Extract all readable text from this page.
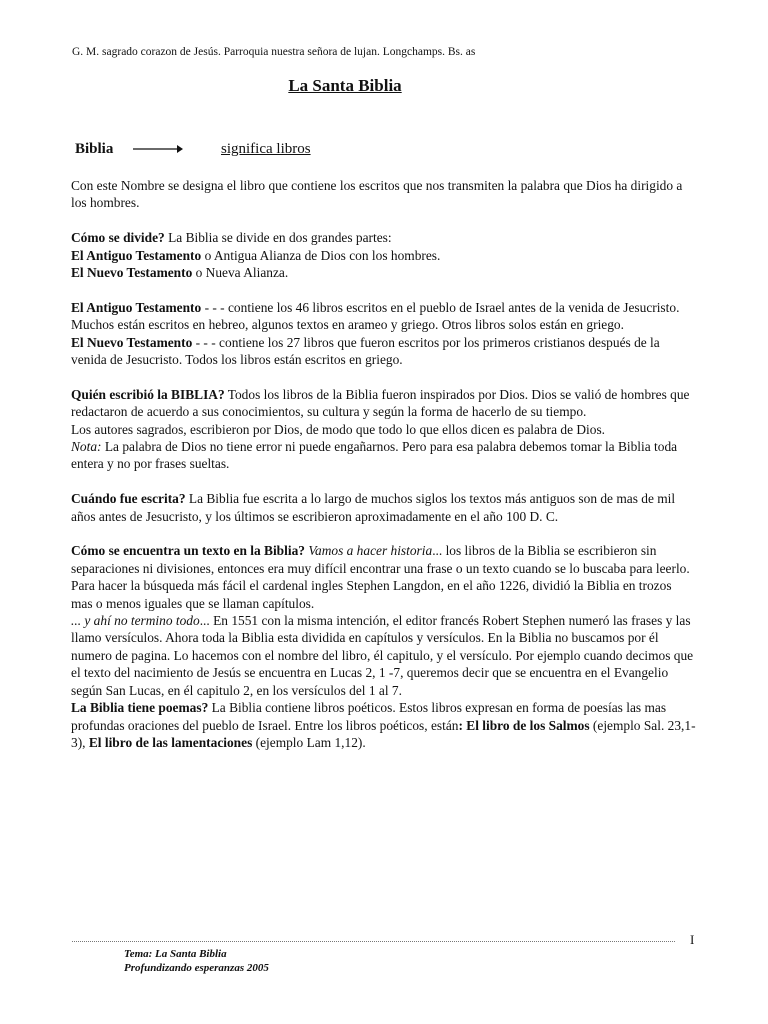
G. M. sagrado corazon de Jesús. Parroquia nuestra señora de lujan. Longchamps. Bs. as
La Santa Biblia
Biblia	significa libros

Con este Nombre se designa el libro que contiene los escritos que nos transmiten la palabra que Dios ha dirigido a los hombres.

Cómo se divide? La Biblia se divide en dos grandes partes:
El Antiguo Testamento o Antigua Alianza de Dios con los hombres.
El Nuevo Testamento o Nueva Alianza.

El Antiguo Testamento - - - contiene los 46 libros escritos en el pueblo de Israel antes de la venida de Jesucristo. Muchos están escritos en hebreo, algunos textos en arameo y griego. Otros libros solos están en griego.

El Nuevo Testamento - - - contiene los 27 libros que fueron escritos por los primeros cristianos después de la venida de Jesucristo. Todos los libros están escritos en griego.

Quién escribió la BIBLIA? Todos los libros de la Biblia fueron inspirados por Dios. Dios se valió de hombres que redactaron de acuerdo a sus conocimientos, su cultura y según la forma de hacerlo de su tiempo.

Los autores sagrados, escribieron por Dios, de modo que todo lo que ellos dicen es palabra de Dios.

Nota: La palabra de Dios no tiene error ni puede engañarnos. Pero para esa palabra debemos tomar la Biblia toda entera y no por frases sueltas.

Cuándo fue escrita? La Biblia fue escrita a lo largo de muchos siglos los textos más antiguos son de mas de mil años antes de Jesucristo, y los últimos se escribieron aproximadamente en el año 100 D. C.

Cómo se encuentra un texto en la Biblia? Vamos a hacer historia... los libros de la Biblia se escribieron sin separaciones ni divisiones, entonces era muy difícil encontrar una frase o un texto cuando se lo buscaba para leerlo.

Para hacer la búsqueda más fácil el cardenal ingles Stephen Langdon, en el año 1226, dividió la Biblia en trozos mas o menos iguales que se llaman capítulos.

... y ahí no termino todo... En 1551 con la misma intención, el editor francés Robert Stephen numeró las frases y las llamo versículos. Ahora toda la Biblia esta dividida en capítulos y versículos. En la Biblia no buscamos por él numero de pagina. Lo hacemos con el nombre del libro, él capitulo, y el versículo. Por ejemplo cuando decimos que el texto del nacimiento de Jesús se encuentra en Lucas 2, 1 -7, queremos decir que se encuentra en el Evangelio según San Lucas, en él capitulo 2, en los versículos del 1 al 7.

La Biblia tiene poemas? La Biblia contiene libros poéticos. Estos libros expresan en forma de poesías las mas profundas oraciones del pueblo de Israel. Entre los libros poéticos, están: El libro de los Salmos (ejemplo Sal. 23,1-3), El libro de las lamentaciones (ejemplo Lam 1,12).

I
Tema: La Santa Biblia
Profundizando esperanzas 2005
